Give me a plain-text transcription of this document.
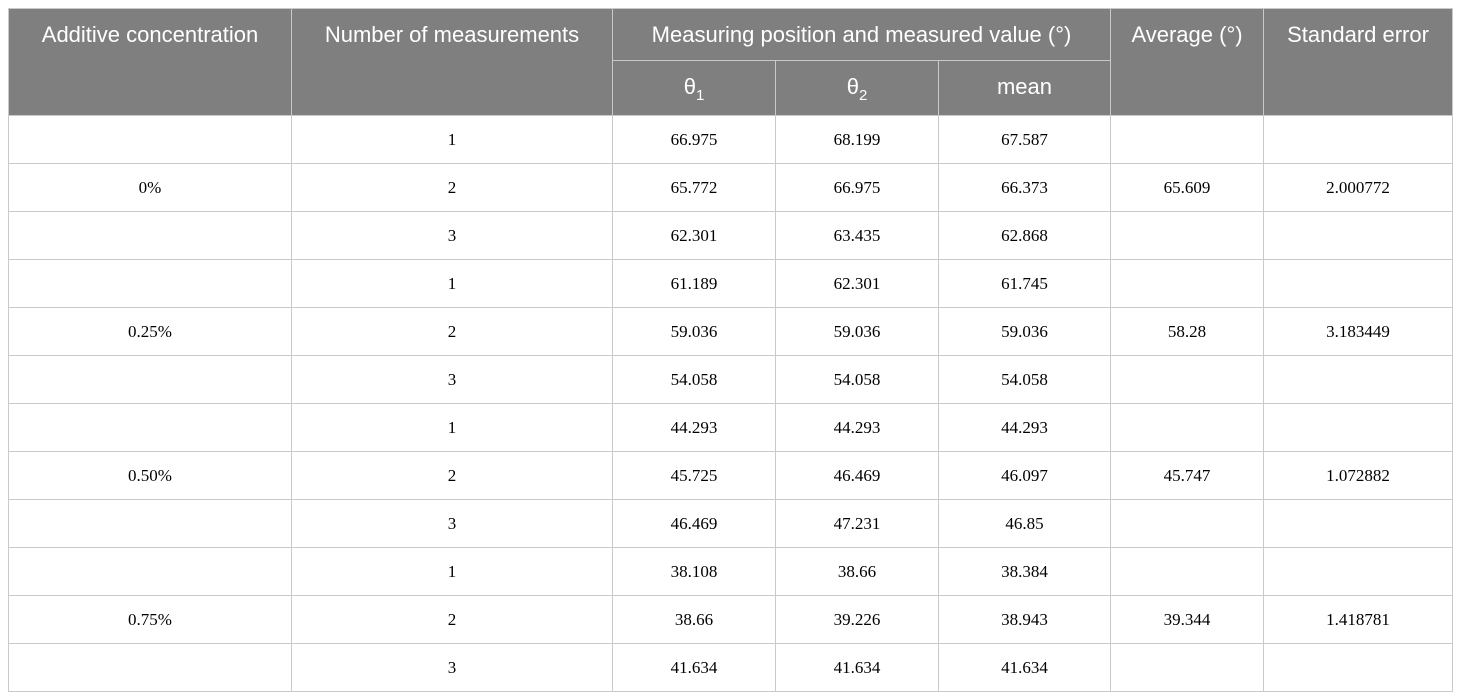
Additive concentration	Number of measurements	Measuring position and measured value (°)			Average (°)	Standard error
		$\theta_1$	$\theta_2$	mean		
	1	66.975	68.199	67.587		
0%	2	65.772	66.975	66.373	65.609	2.000772
	3	62.301	63.435	62.868		
	1	61.189	62.301	61.745		
0.25%	2	59.036	59.036	59.036	58.28	3.183449
	3	54.058	54.058	54.058		
	1	44.293	44.293	44.293		
0.50%	2	45.725	46.469	46.097	45.747	1.072882
	3	46.469	47.231	46.85		
	1	38.108	38.66	38.384		
0.75%	2	38.66	39.226	38.943	39.344	1.418781
	3	41.634	41.634	41.634		
